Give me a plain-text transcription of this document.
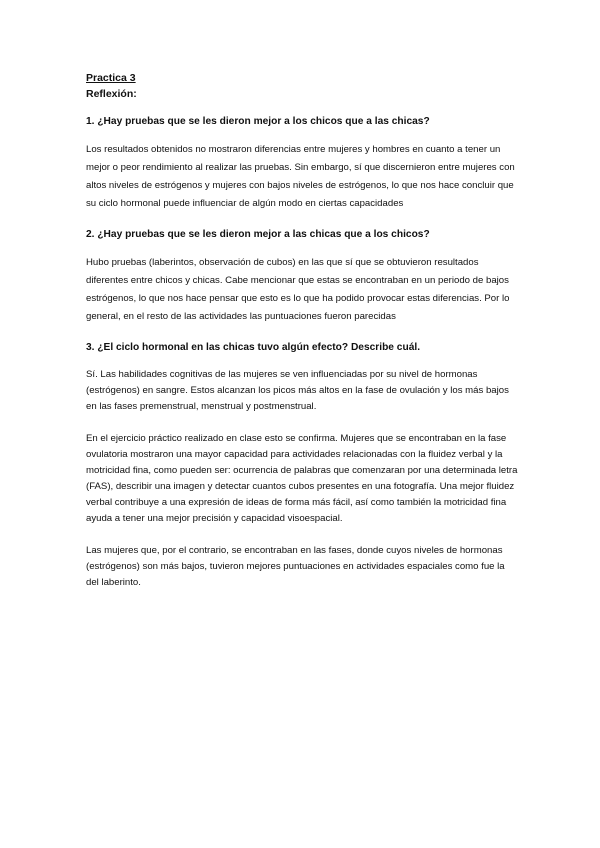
Practica 3

Reflexión:

1. ¿Hay pruebas que se les dieron mejor a los chicos que a las chicas?

Los resultados obtenidos no mostraron diferencias entre mujeres y hombres en cuanto a tener un mejor o peor rendimiento al realizar las pruebas. Sin embargo, sí que discernieron entre mujeres con altos niveles de estrógenos y mujeres con bajos niveles de estrógenos, lo que nos hace concluir que su ciclo hormonal puede influenciar de algún modo en ciertas capacidades

2. ¿Hay pruebas que se les dieron mejor a las chicas que a los chicos?

Hubo pruebas (laberintos, observación de cubos) en las que sí que se obtuvieron resultados diferentes entre chicos y chicas. Cabe mencionar que estas se encontraban en un periodo de bajos estrógenos, lo que nos hace pensar que esto es lo que ha podido provocar estas diferencias. Por lo general, en el resto de las actividades las puntuaciones fueron parecidas

3. ¿El ciclo hormonal en las chicas tuvo algún efecto? Describe cuál.

Sí. Las habilidades cognitivas de las mujeres se ven influenciadas por su nivel de hormonas (estrógenos) en sangre. Estos alcanzan los picos más altos en la fase de ovulación y los más bajos en las fases premenstrual, menstrual y postmenstrual.

En el ejercicio práctico realizado en clase esto se confirma. Mujeres que se encontraban en la fase ovulatoria mostraron una mayor capacidad para actividades relacionadas con la fluidez verbal y la motricidad fina, como pueden ser: ocurrencia de palabras que comenzaran por una determinada letra (FAS), describir una imagen y detectar cuantos cubos presentes en una fotografía. Una mejor fluidez verbal contribuye a una expresión de ideas de forma más fácil, así como también la motricidad fina ayuda a tener una mejor precisión y capacidad visoespacial.

Las mujeres que, por el contrario, se encontraban en las fases, donde cuyos niveles de hormonas (estrógenos) son más bajos, tuvieron mejores puntuaciones en actividades espaciales como fue la del laberinto.
